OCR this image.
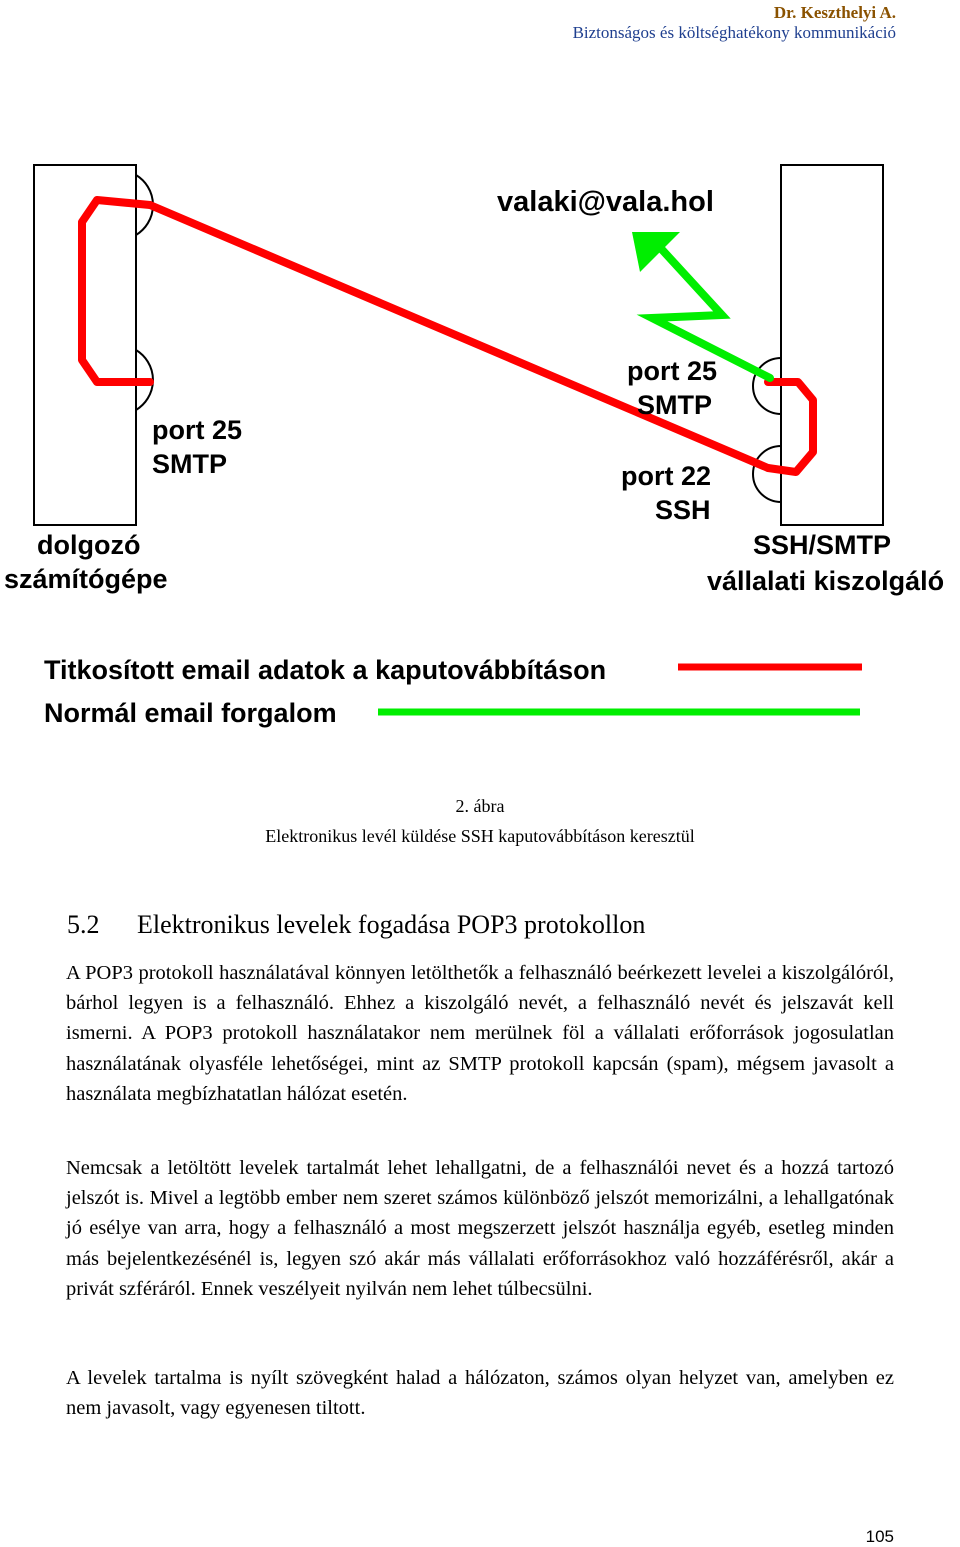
Dr. Keszthelyi A.
Biztonságos és költséghatékony kommunikáció
valaki@vala.hol
port 25
SMTP
port 25
SMTP
port 22
SSH
dolgozó
számítógépe
SSH/SMTP
vállalati kiszolgáló
Titkosított email adatok a kaputovábbításon
Normál email forgalom
2. ábra
Elektronikus levél küldése SSH kaputovábbításon keresztül
5.2 Elektronikus levelek fogadása POP3 protokollon

A POP3 protokoll használatával könnyen letölthetők a felhasználó beérkezett levelei a kiszolgálóról, bárhol legyen is a felhasználó. Ehhez a kiszolgáló nevét, a felhasználó nevét és jelszavát kell ismerni. A POP3 protokoll használatakor nem merülnek föl a vállalati erőforrások jogosulatlan használatának olyasféle lehetőségei, mint az SMTP protokoll kapcsán (spam), mégsem javasolt a használata megbízhatatlan hálózat esetén.

Nemcsak a letöltött levelek tartalmát lehet lehallgatni, de a felhasználói nevet és a hozzá tartozó jelszót is. Mivel a legtöbb ember nem szeret számos különböző jelszót memorizálni, a lehallgatónak jó esélye van arra, hogy a felhasználó a most megszerzett jelszót használja egyéb, esetleg minden más bejelentkezésénél is, legyen szó akár más vállalati erőforrásokhoz való hozzáférésről, akár a privát szféráról. Ennek veszélyeit nyilván nem lehet túlbecsülni.

A levelek tartalma is nyílt szövegként halad a hálózaton, számos olyan helyzet van, amelyben ez nem javasolt, vagy egyenesen tiltott.

105
